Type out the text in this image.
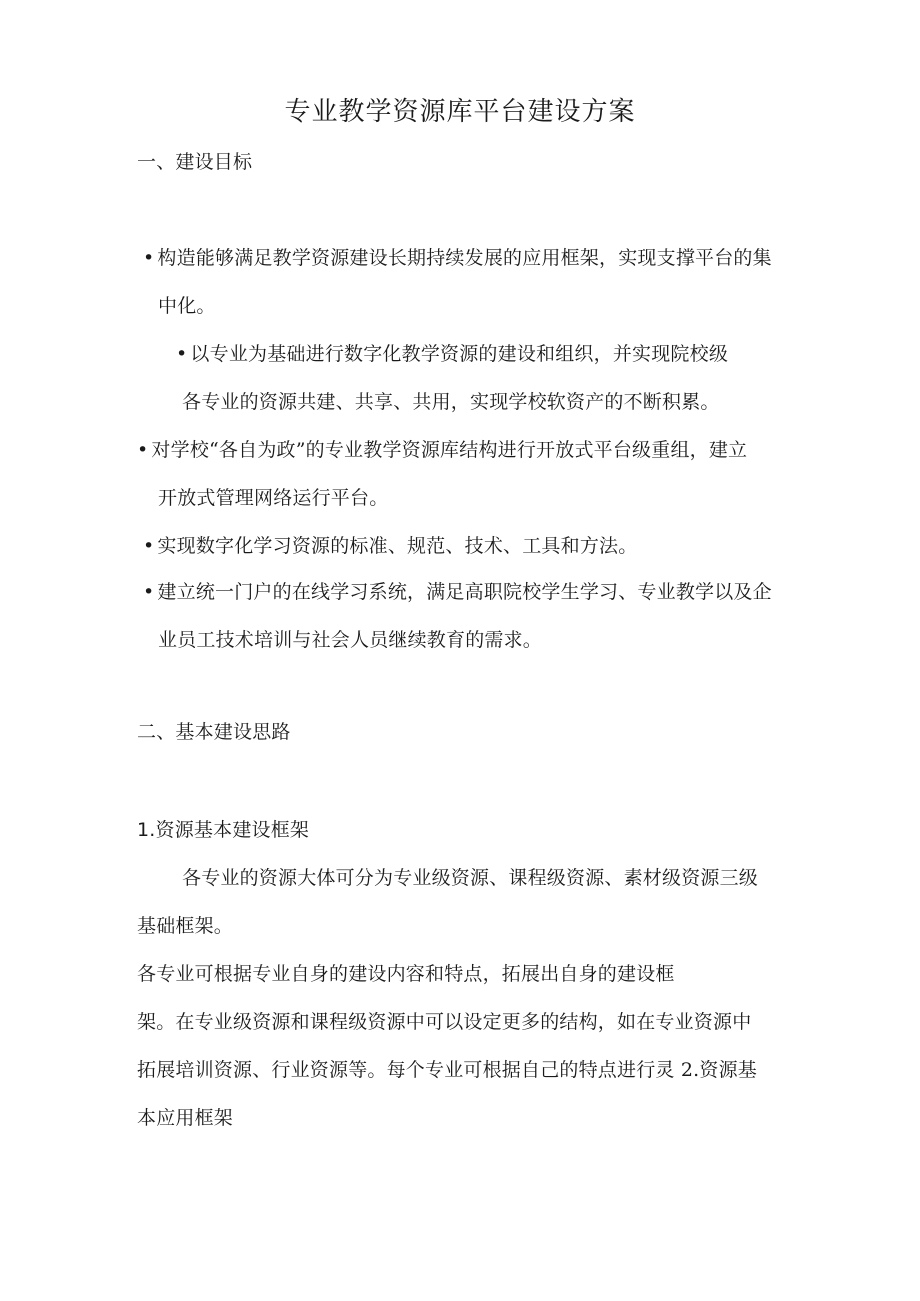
专业教学资源库平台建设方案
一、建设目标
• 构造能够满足教学资源建设长期持续发展的应用框架，实现支撑平台的集
中化。
• 以专业为基础进行数字化教学资源的建设和组织，并实现院校级
各专业的资源共建、共享、共用，实现学校软资产的不断积累。
• 对学校“各自为政”的专业教学资源库结构进行开放式平台级重组，建立
开放式管理网络运行平台。
• 实现数字化学习资源的标准、规范、技术、工具和方法。
• 建立统一门户的在线学习系统，满足高职院校学生学习、专业教学以及企
业员工技术培训与社会人员继续教育的需求。
二、基本建设思路
1.资源基本建设框架
各专业的资源大体可分为专业级资源、课程级资源、素材级资源三级
基础框架。
各专业可根据专业自身的建设内容和特点，拓展出自身的建设框
架。在专业级资源和课程级资源中可以设定更多的结构，如在专业资源中
拓展培训资源、行业资源等。每个专业可根据自己的特点进行灵 2.资源基
本应用框架
